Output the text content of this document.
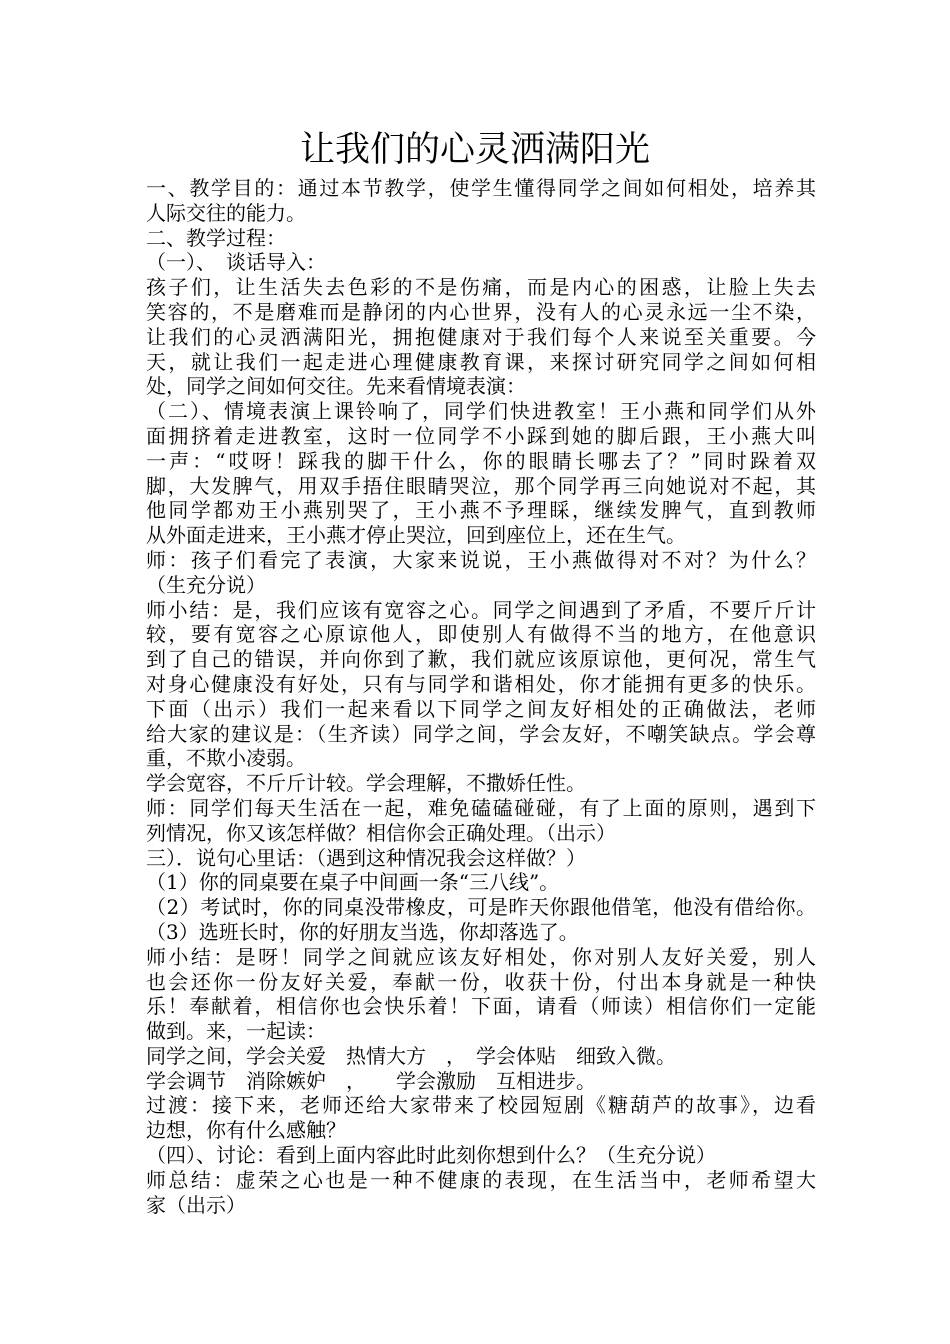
让我们的心灵洒满阳光
一、教学目的：通过本节教学，使学生懂得同学之间如何相处，培养其
人际交往的能力。
二、教学过程：
（一）、　谈话导入：
孩子们，让生活失去色彩的不是伤痛，而是内心的困惑，让脸上失去
笑容的，不是磨难而是静闭的内心世界，没有人的心灵永远一尘不染，
让我们的心灵洒满阳光，拥抱健康对于我们每个人来说至关重要。今
天，就让我们一起走进心理健康教育课，来探讨研究同学之间如何相
处，同学之间如何交往。先来看情境表演：
（二）、情境表演上课铃响了，同学们快进教室！王小燕和同学们从外
面拥挤着走进教室，这时一位同学不小踩到她的脚后跟，王小燕大叫
一声：“哎呀！踩我的脚干什么，你的眼睛长哪去了？”同时跺着双
脚，大发脾气，用双手捂住眼睛哭泣，那个同学再三向她说对不起，其
他同学都劝王小燕别哭了，王小燕不予理睬，继续发脾气，直到教师
从外面走进来，王小燕才停止哭泣，回到座位上，还在生气。
师：孩子们看完了表演，大家来说说，王小燕做得对不对？为什么？
（生充分说）
师小结：是，我们应该有宽容之心。同学之间遇到了矛盾，不要斤斤计
较，要有宽容之心原谅他人，即使别人有做得不当的地方，在他意识
到了自己的错误，并向你到了歉，我们就应该原谅他，更何况，常生气
对身心健康没有好处，只有与同学和谐相处，你才能拥有更多的快乐。
下面（出示）我们一起来看以下同学之间友好相处的正确做法，老师
给大家的建议是：（生齐读）同学之间，学会友好，不嘲笑缺点。学会尊
重，不欺小凌弱。
学会宽容，不斤斤计较。学会理解，不撒娇任性。
师：同学们每天生活在一起，难免磕磕碰碰，有了上面的原则，遇到下
列情况，你又该怎样做？相信你会正确处理。（出示）
三）．说句心里话：（遇到这种情况我会这样做？）
（1）你的同桌要在桌子中间画一条“三八线”。
（2）考试时，你的同桌没带橡皮，可是昨天你跟他借笔，他没有借给你。
（3）选班长时，你的好朋友当选，你却落选了。
师小结：是呀！同学之间就应该友好相处，你对别人友好关爱，别人
也会还你一份友好关爱，奉献一份，收获十份，付出本身就是一种快
乐！奉献着，相信你也会快乐着！下面，请看（师读）相信你们一定能
做到。来，一起读：
同学之间，学会关爱　热情大方　，　学会体贴　细致入微。
学会调节　消除嫉妒　，　　学会激励　互相进步。
过渡：接下来，老师还给大家带来了校园短剧《糖葫芦的故事》，边看
边想，你有什么感触？
（四）、讨论：看到上面内容此时此刻你想到什么？（生充分说）
师总结：虚荣之心也是一种不健康的表现，在生活当中，老师希望大
家（出示）
